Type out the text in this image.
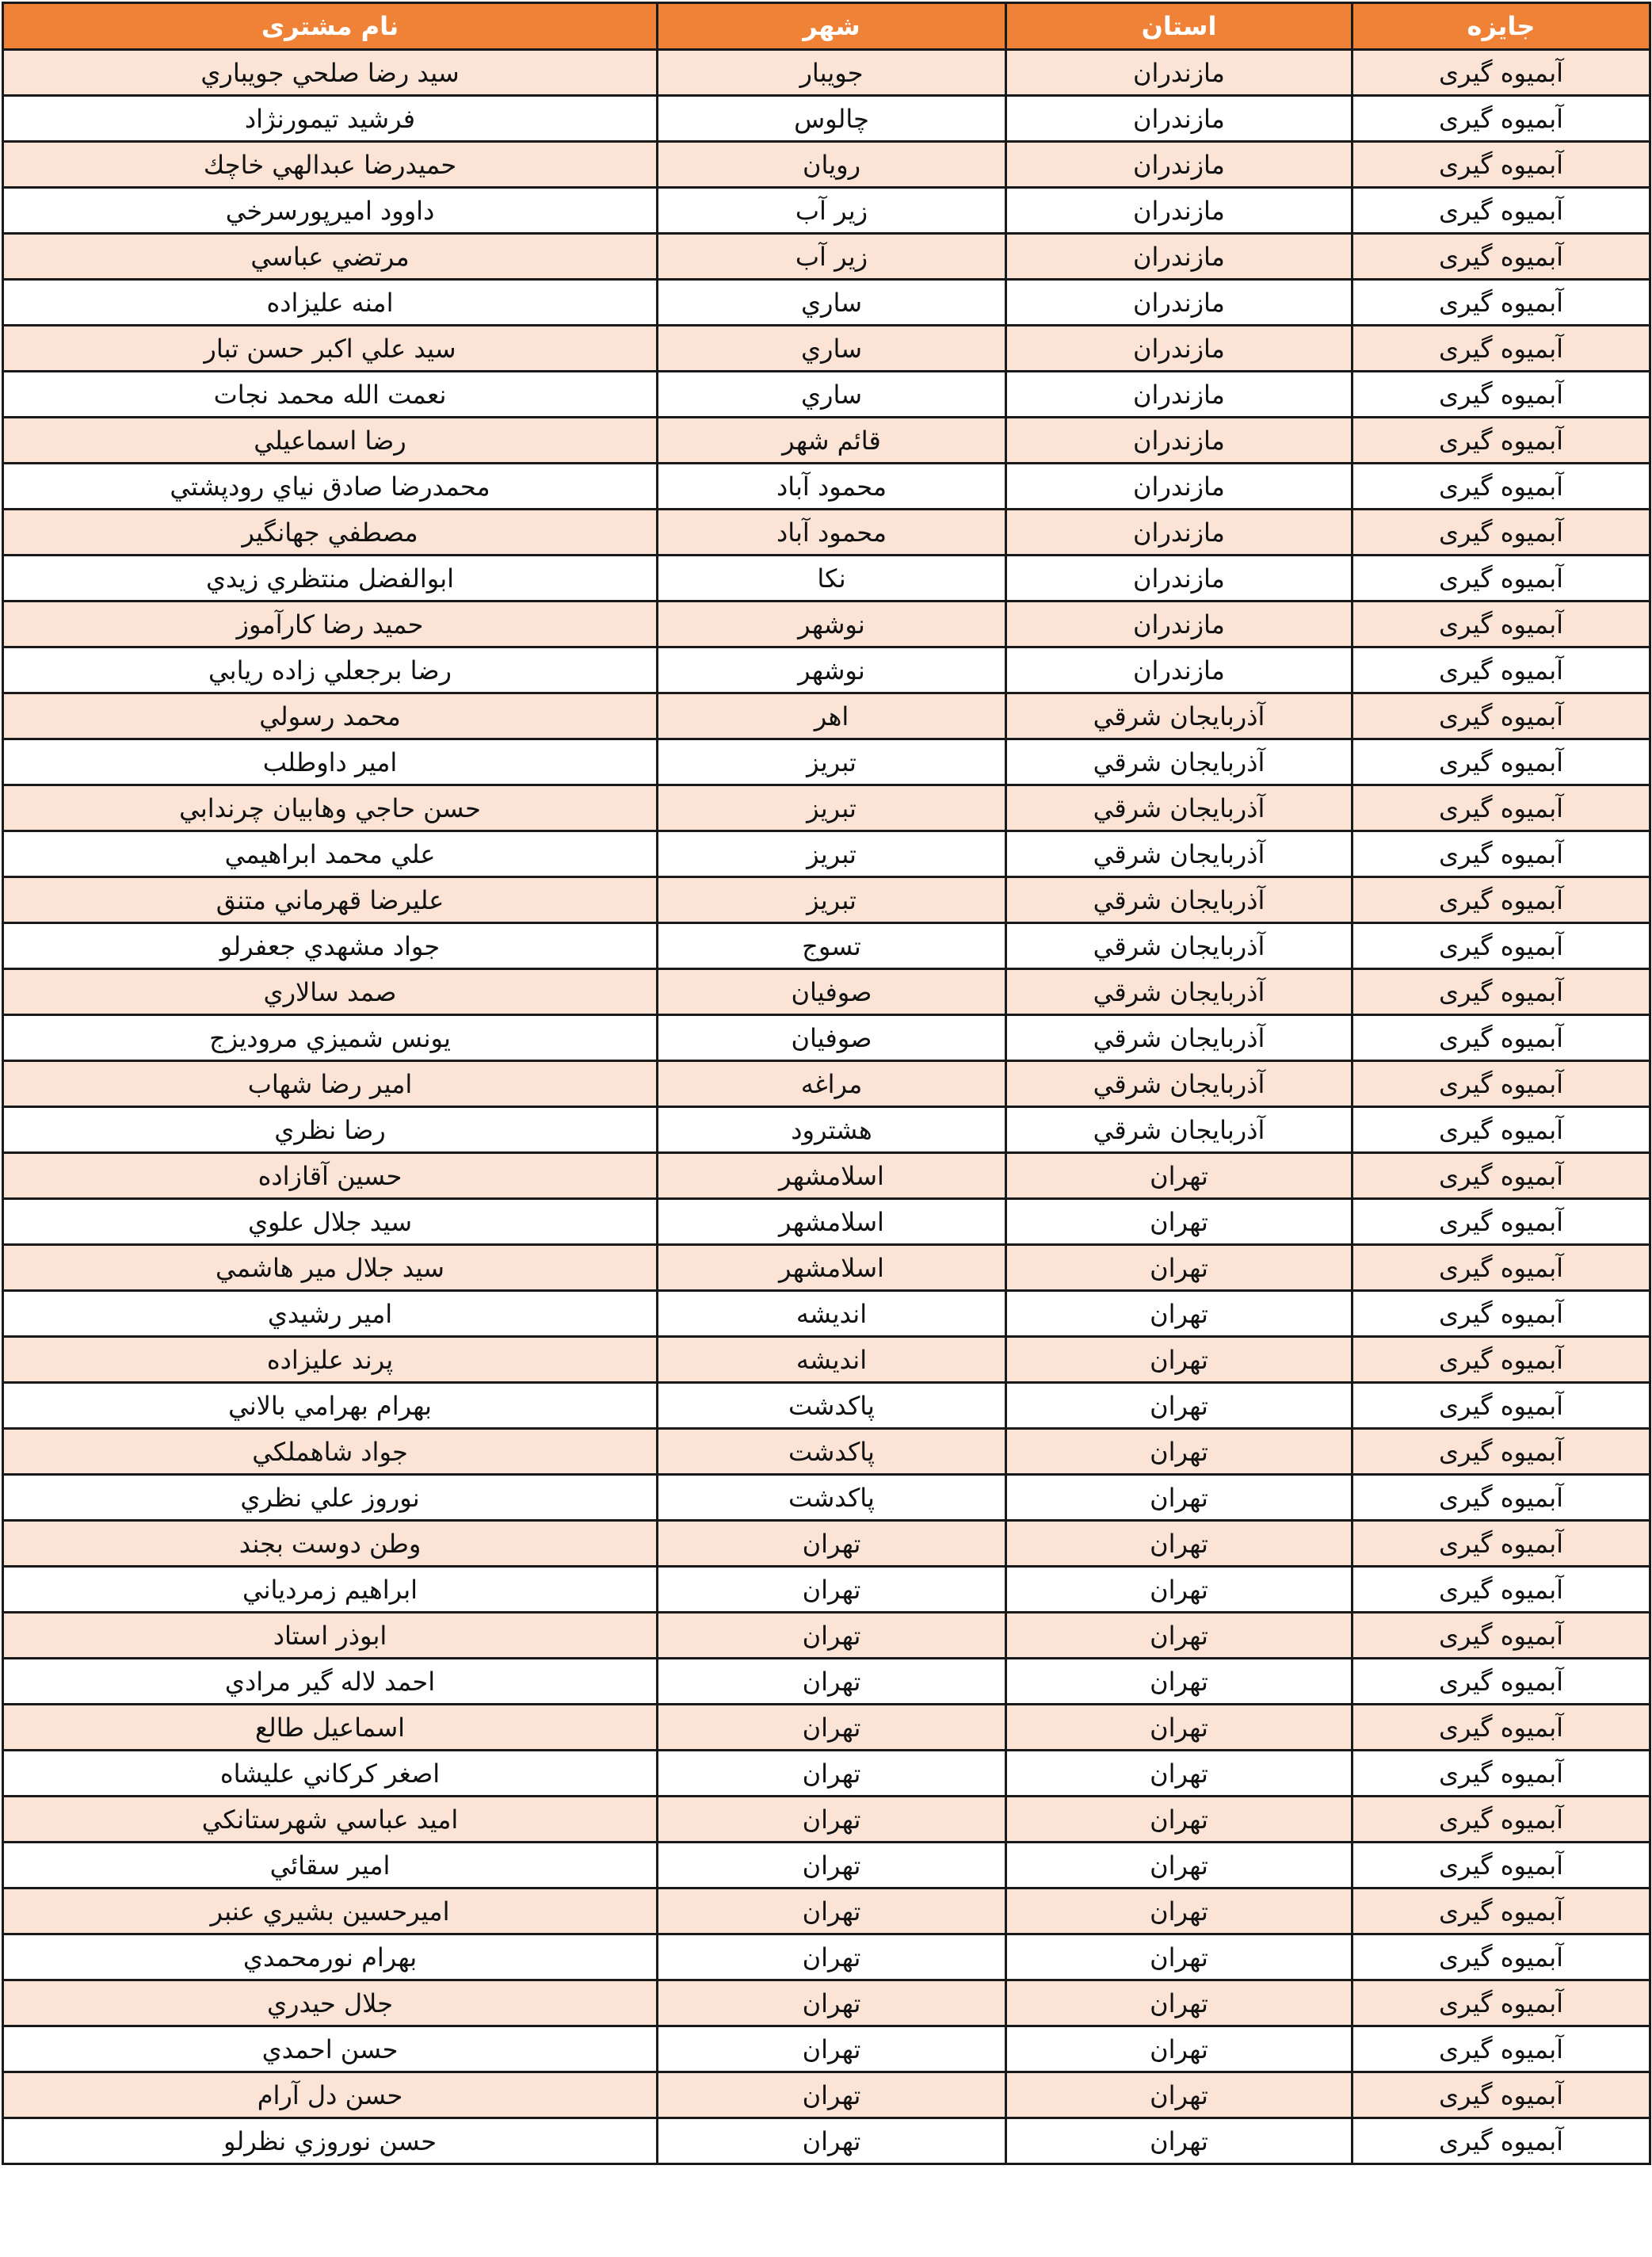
جایزه	استان	شهر	نام مشتری
آبمیوه گیری	مازندران	جويبار	سيد رضا صلحي جويباري
آبمیوه گیری	مازندران	چالوس	فرشيد تيمورنژاد
آبمیوه گیری	مازندران	رويان	حميدرضا عبدالهي خاچك
آبمیوه گیری	مازندران	زير آب	داوود اميرپورسرخي
آبمیوه گیری	مازندران	زير آب	مرتضي عباسي
آبمیوه گیری	مازندران	ساري	امنه عليزاده
آبمیوه گیری	مازندران	ساري	سيد علي اكبر حسن تبار
آبمیوه گیری	مازندران	ساري	نعمت الله محمد نجات
آبمیوه گیری	مازندران	قائم شهر	رضا اسماعيلي
آبمیوه گیری	مازندران	محمود آباد	محمدرضا صادق نياي رودپشتي
آبمیوه گیری	مازندران	محمود آباد	مصطفي جهانگير
آبمیوه گیری	مازندران	نكا	ابوالفضل منتظري زيدي
آبمیوه گیری	مازندران	نوشهر	حميد رضا كارآموز
آبمیوه گیری	مازندران	نوشهر	رضا برجعلي زاده ريابي
آبمیوه گیری	آذربايجان شرقي	اهر	محمد رسولي
آبمیوه گیری	آذربايجان شرقي	تبريز	امير داوطلب
آبمیوه گیری	آذربايجان شرقي	تبريز	حسن حاجي وهابيان چرندابي
آبمیوه گیری	آذربايجان شرقي	تبريز	علي محمد ابراهيمي
آبمیوه گیری	آذربايجان شرقي	تبريز	عليرضا قهرماني متنق
آبمیوه گیری	آذربايجان شرقي	تسوج	جواد مشهدي جعفرلو
آبمیوه گیری	آذربايجان شرقي	صوفيان	صمد سالاري
آبمیوه گیری	آذربايجان شرقي	صوفيان	يونس شميزي مرودیزج
آبمیوه گیری	آذربايجان شرقي	مراغه	امير رضا شهاب
آبمیوه گیری	آذربايجان شرقي	هشترود	رضا نظري
آبمیوه گیری	تهران	اسلامشهر	حسين آقازاده
آبمیوه گیری	تهران	اسلامشهر	سيد جلال علوي
آبمیوه گیری	تهران	اسلامشهر	سيد جلال مير هاشمي
آبمیوه گیری	تهران	انديشه	امير رشيدي
آبمیوه گیری	تهران	انديشه	پرند عليزاده
آبمیوه گیری	تهران	پاكدشت	بهرام بهرامي بالاني
آبمیوه گیری	تهران	پاكدشت	جواد شاهملكي
آبمیوه گیری	تهران	پاكدشت	نوروز علي نظري
آبمیوه گیری	تهران	تهران	وطن دوست بجند
آبمیوه گیری	تهران	تهران	ابراهيم زمردياني
آبمیوه گیری	تهران	تهران	ابوذر استاد
آبمیوه گیری	تهران	تهران	احمد لاله گير مرادي
آبمیوه گیری	تهران	تهران	اسماعيل طالع
آبمیوه گیری	تهران	تهران	اصغر كركاني عليشاه
آبمیوه گیری	تهران	تهران	اميد عباسي شهرستانكي
آبمیوه گیری	تهران	تهران	امير سقائي
آبمیوه گیری	تهران	تهران	اميرحسين بشيري عنبر
آبمیوه گیری	تهران	تهران	بهرام نورمحمدي
آبمیوه گیری	تهران	تهران	جلال حيدري
آبمیوه گیری	تهران	تهران	حسن احمدي
آبمیوه گیری	تهران	تهران	حسن دل آرام
آبمیوه گیری	تهران	تهران	حسن نوروزي نظرلو
